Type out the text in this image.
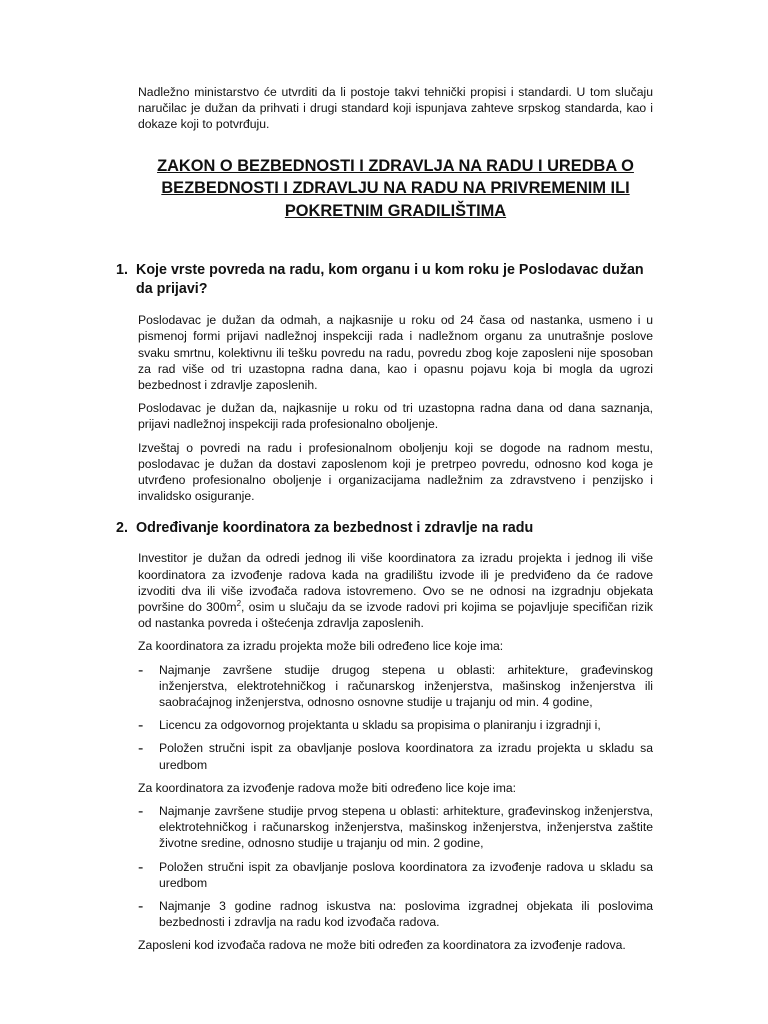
Nadležno ministarstvo će utvrditi da li postoje takvi tehnički propisi i standardi. U tom slučaju naručilac je dužan da prihvati i drugi standard koji ispunjava zahteve srpskog standarda, kao i dokaze koji to potvrđuju.

ZAKON O BEZBEDNOSTI I ZDRAVLJA NA RADU I UREDBA O BEZBEDNOSTI I ZDRAVLJU NA RADU NA PRIVREMENIM ILI POKRETNIM GRADILIŠTIMA
1. Koje vrste povreda na radu, kom organu i u kom roku je Poslodavac dužan da prijavi?

Poslodavac je dužan da odmah, a najkasnije u roku od 24 časa od nastanka, usmeno i u pismenoj formi prijavi nadležnoj inspekciji rada i nadležnom organu za unutrašnje poslove svaku smrtnu, kolektivnu ili tešku povredu na radu, povredu zbog koje zaposleni nije sposoban za rad više od tri uzastopna radna dana, kao i opasnu pojavu koja bi mogla da ugrozi bezbednost i zdravlje zaposlenih.

Poslodavac je dužan da, najkasnije u roku od tri uzastopna radna dana od dana saznanja, prijavi nadležnoj inspekciji rada profesionalno oboljenje.

Izveštaj o povredi na radu i profesionalnom oboljenju koji se dogode na radnom mestu, poslodavac je dužan da dostavi zaposlenom koji je pretrpeo povredu, odnosno kod koga je utvrđeno profesionalno oboljenje i organizacijama nadležnim za zdravstveno i penzijsko i invalidsko osiguranje.

2. Određivanje koordinatora za bezbednost i zdravlje na radu

Investitor je dužan da odredi jednog ili više koordinatora za izradu projekta i jednog ili više koordinatora za izvođenje radova kada na gradilištu izvode ili je predviđeno da će radove izvoditi dva ili više izvođača radova istovremeno. Ovo se ne odnosi na izgradnju objekata površine do $300m^2$, osim u slučaju da se izvode radovi pri kojima se pojavljuje specifičan rizik od nastanka povreda i oštećenja zdravlja zaposlenih.

Za koordinatora za izradu projekta može bili određeno lice koje ima:

- Najmanje završene studije drugog stepena u oblasti: arhitekture, građevinskog inženjerstva, elektrotehničkog i računarskog inženjerstva, mašinskog inženjerstva ili saobraćajnog inženjerstva, odnosno osnovne studije u trajanju od min. 4 godine,

- Licencu za odgovornog projektanta u skladu sa propisima o planiranju i izgradnji i,

- Položen stručni ispit za obavljanje poslova koordinatora za izradu projekta u skladu sa uredbom

Za koordinatora za izvođenje radova može biti određeno lice koje ima:

- Najmanje završene studije prvog stepena u oblasti: arhitekture, građevinskog inženjerstva, elektrotehničkog i računarskog inženjerstva, mašinskog inženjerstva, inženjerstva zaštite životne sredine, odnosno studije u trajanju od min. 2 godine,

- Položen stručni ispit za obavljanje poslova koordinatora za izvođenje radova u skladu sa uredbom

- Najmanje 3 godine radnog iskustva na: poslovima izgradnej objekata ili poslovima bezbednosti i zdravlja na radu kod izvođača radova.

Zaposleni kod izvođača radova ne može biti određen za koordinatora za izvođenje radova.
